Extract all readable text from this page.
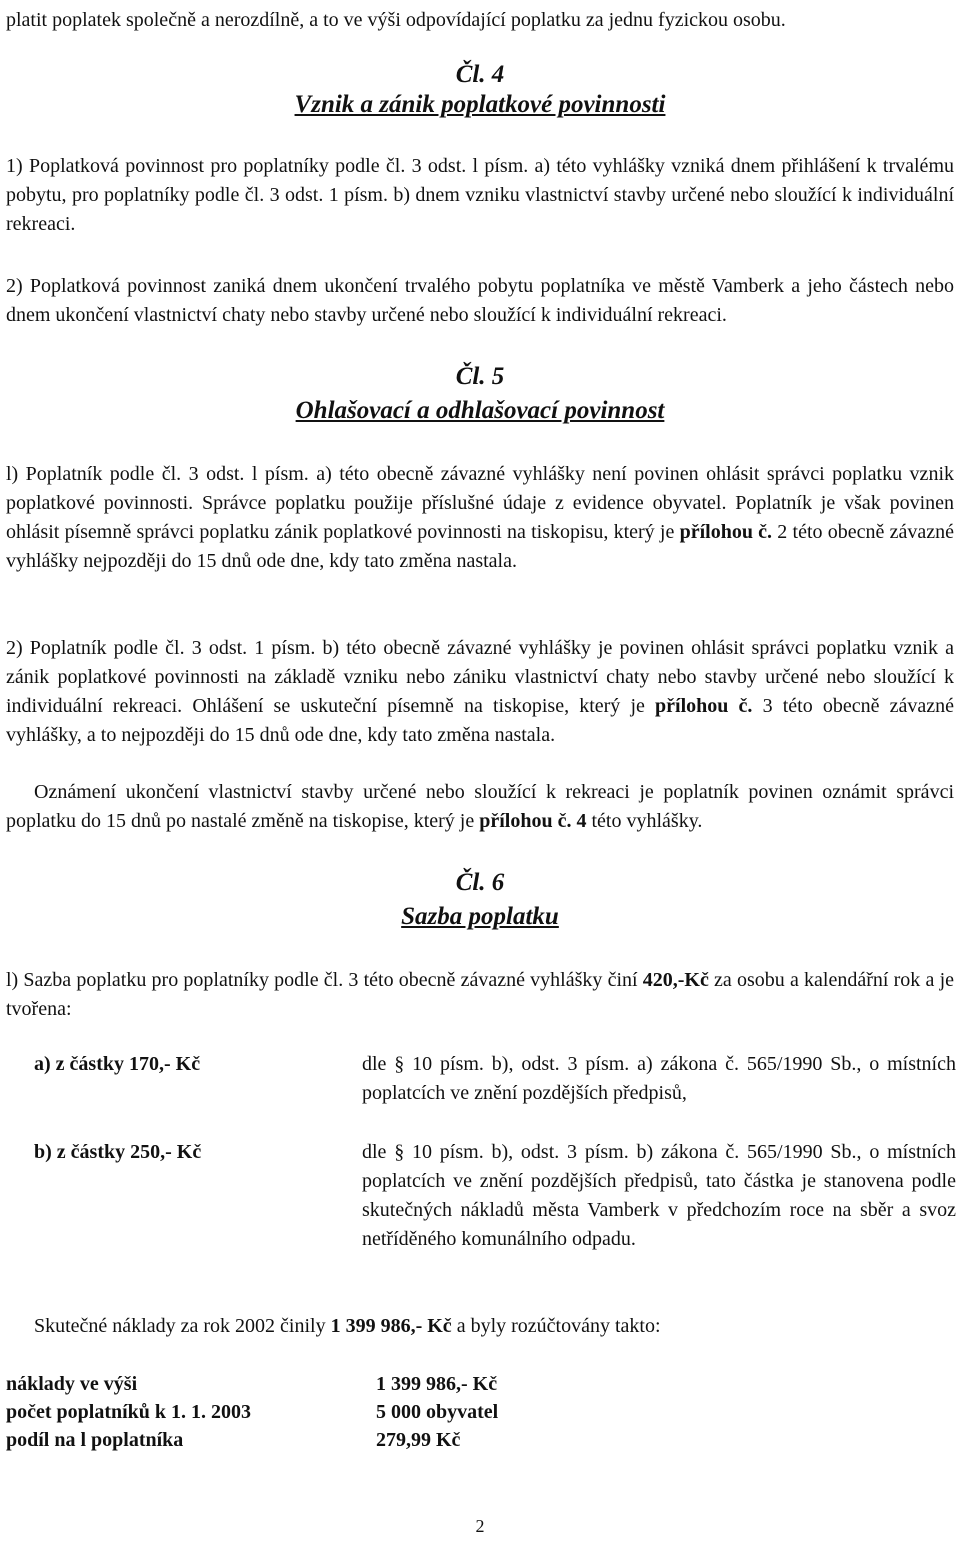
platit poplatek společně a nerozdílně, a to ve výši odpovídající poplatku za jednu fyzickou osobu.

Čl. 4

Vznik a zánik poplatkové povinnosti

1) Poplatková povinnost pro poplatníky podle čl. 3 odst. l písm. a) této vyhlášky vzniká dnem přihlášení k trvalému pobytu, pro poplatníky podle čl. 3 odst. 1 písm. b) dnem vzniku vlastnictví stavby určené nebo sloužící k individuální rekreaci.

2) Poplatková povinnost zaniká dnem ukončení trvalého pobytu poplatníka ve městě Vamberk a jeho částech nebo dnem ukončení vlastnictví chaty nebo stavby určené nebo sloužící k individuální rekreaci.

Čl. 5

Ohlašovací a odhlašovací povinnost

l) Poplatník podle čl. 3 odst. l písm. a) této obecně závazné vyhlášky není povinen ohlásit správci poplatku vznik poplatkové povinnosti. Správce poplatku použije příslušné údaje z evidence obyvatel. Poplatník je však povinen ohlásit písemně správci poplatku zánik poplatkové povinnosti na tiskopisu, který je přílohou č. 2 této obecně závazné vyhlášky nejpozději do 15 dnů ode dne, kdy tato změna nastala.

2) Poplatník podle čl. 3 odst. 1 písm. b) této obecně závazné vyhlášky je povinen ohlásit správci poplatku vznik a zánik poplatkové povinnosti na základě vzniku nebo zániku vlastnictví chaty nebo stavby určené nebo sloužící k individuální rekreaci. Ohlášení se uskuteční písemně na tiskopise, který je přílohou č. 3 této obecně závazné vyhlášky, a to nejpozději do 15 dnů ode dne, kdy tato změna nastala.

Oznámení ukončení vlastnictví stavby určené nebo sloužící k rekreaci je poplatník povinen oznámit správci poplatku do 15 dnů po nastalé změně na tiskopise, který je přílohou č. 4 této vyhlášky.

Čl. 6

Sazba poplatku

l) Sazba poplatku pro poplatníky podle čl. 3 této obecně závazné vyhlášky činí 420,-Kč za osobu a kalendářní rok a je tvořena:

a) z částky 170,- Kč	dle § 10 písm. b), odst. 3 písm. a) zákona č. 565/1990 Sb., o místních poplatcích ve znění pozdějších předpisů,

b) z částky 250,- Kč	dle § 10 písm. b), odst. 3 písm. b) zákona č. 565/1990 Sb., o místních poplatcích ve znění pozdějších předpisů, tato částka je stanovena podle skutečných nákladů města Vamberk v předchozím roce na sběr a svoz netříděného komunálního odpadu.

Skutečné náklady za rok 2002 činily 1 399 986,- Kč a byly rozúčtovány takto:

náklady ve výši	1 399 986,- Kč
počet poplatníků k 1. 1. 2003	5 000 obyvatel
podíl na l poplatníka	279,99 Kč
2
